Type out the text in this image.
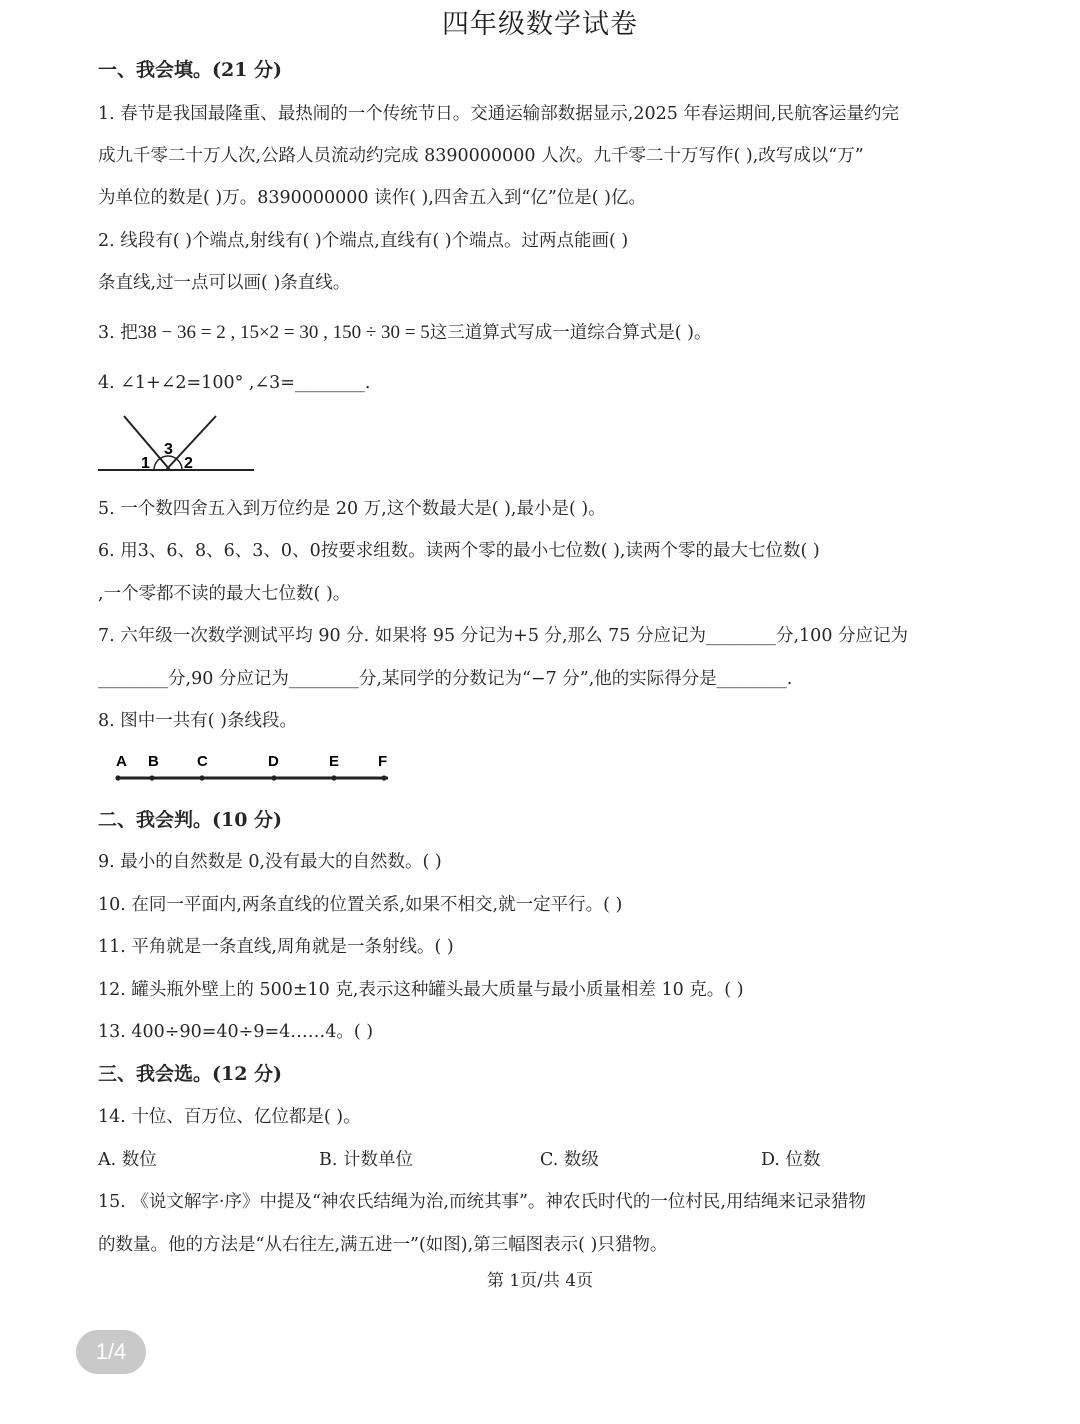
四年级数学试卷
一、我会填。(21 分)
1. 春节是我国最隆重、最热闹的一个传统节日。交通运输部数据显示,2025 年春运期间,民航客运量约完
成九千零二十万人次,公路人员流动约完成 8390000000 人次。九千零二十万写作( ),改写成以“万”
为单位的数是( )万。8390000000 读作( ),四舍五入到“亿”位是( )亿。
2. 线段有( )个端点,射线有( )个端点,直线有( )个端点。过两点能画( )
条直线,过一点可以画( )条直线。
3. 把38 − 36 = 2 , 15×2 = 30 , 150 ÷ 30 = 5这三道算式写成一道综合算式是( )。
4. ∠1+∠2=100° ,∠3=________.
1
3
2
5. 一个数四舍五入到万位约是 20 万,这个数最大是( ),最小是( )。
6. 用3、6、8、6、3、0、0按要求组数。读两个零的最小七位数( ),读两个零的最大七位数( )
,一个零都不读的最大七位数( )。
7. 六年级一次数学测试平均 90 分. 如果将 95 分记为+5 分,那么 75 分应记为________分,100 分应记为
________分,90 分应记为________分,某同学的分数记为“−7 分”,他的实际得分是________.
8. 图中一共有( )条线段。
A B	C	D	E	F
二、我会判。(10 分)
9. 最小的自然数是 0,没有最大的自然数。( )
10. 在同一平面内,两条直线的位置关系,如果不相交,就一定平行。( )
11. 平角就是一条直线,周角就是一条射线。( )
12. 罐头瓶外壁上的 500±10 克,表示这种罐头最大质量与最小质量相差 10 克。( )
13. 400÷90=40÷9=4……4。( )
三、我会选。(12 分)
14. 十位、百万位、亿位都是( )。
A. 数位	B. 计数单位	C. 数级	D. 位数
15. 《说文解字·序》中提及“神农氏结绳为治,而统其事”。神农氏时代的一位村民,用结绳来记录猎物
的数量。他的方法是“从右往左,满五进一”(如图),第三幅图表示( )只猎物。
第 1页/共 4页
1/4
